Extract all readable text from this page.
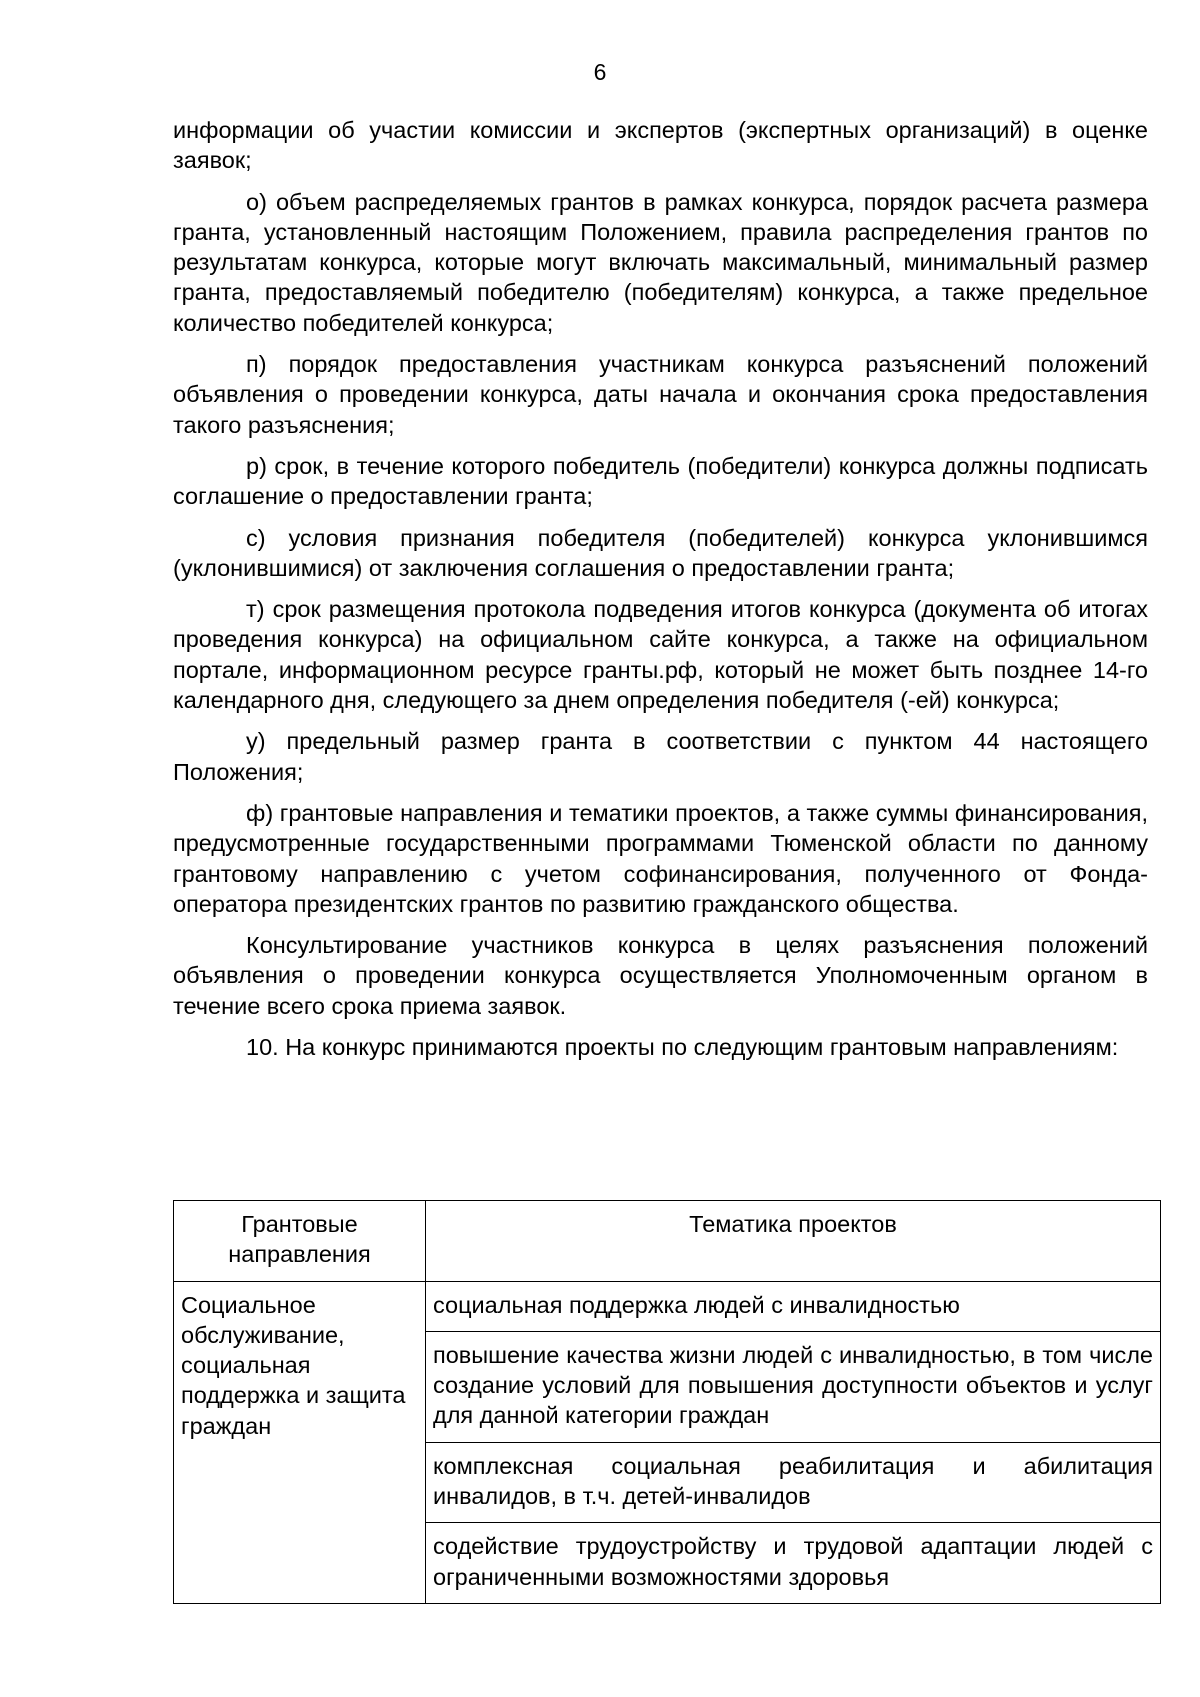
6

информации об участии комиссии и экспертов (экспертных организаций) в оценке заявок;

о) объем распределяемых грантов в рамках конкурса, порядок расчета размера гранта, установленный настоящим Положением, правила распределения грантов по результатам конкурса, которые могут включать максимальный, минимальный размер гранта, предоставляемый победителю (победителям) конкурса, а также предельное количество победителей конкурса;

п) порядок предоставления участникам конкурса разъяснений положений объявления о проведении конкурса, даты начала и окончания срока предоставления такого разъяснения;

р) срок, в течение которого победитель (победители) конкурса должны подписать соглашение о предоставлении гранта;

с) условия признания победителя (победителей) конкурса уклонившимся (уклонившимися) от заключения соглашения о предоставлении гранта;

т) срок размещения протокола подведения итогов конкурса (документа об итогах проведения конкурса) на официальном сайте конкурса, а также на официальном портале, информационном ресурсе гранты.рф, который не может быть позднее 14-го календарного дня, следующего за днем определения победителя (-ей) конкурса;

у) предельный размер гранта в соответствии с пунктом 44 настоящего Положения;

ф) грантовые направления и тематики проектов, а также суммы финансирования, предусмотренные государственными программами Тюменской области по данному грантовому направлению с учетом софинансирования, полученного от Фонда-оператора президентских грантов по развитию гражданского общества.

Консультирование участников конкурса в целях разъяснения положений объявления о проведении конкурса осуществляется Уполномоченным органом в течение всего срока приема заявок.

10. На конкурс принимаются проекты по следующим грантовым направлениям:

Грантовые направления	Тематика проектов
Социальное обслуживание, социальная поддержка и защита граждан	социальная поддержка людей с инвалидностью
	повышение качества жизни людей с инвалидностью, в том числе создание условий для повышения доступности объектов и услуг для данной категории граждан
	комплексная социальная реабилитация и абилитация инвалидов, в т.ч. детей-инвалидов
	содействие трудоустройству и трудовой адаптации людей с ограниченными возможностями здоровья
